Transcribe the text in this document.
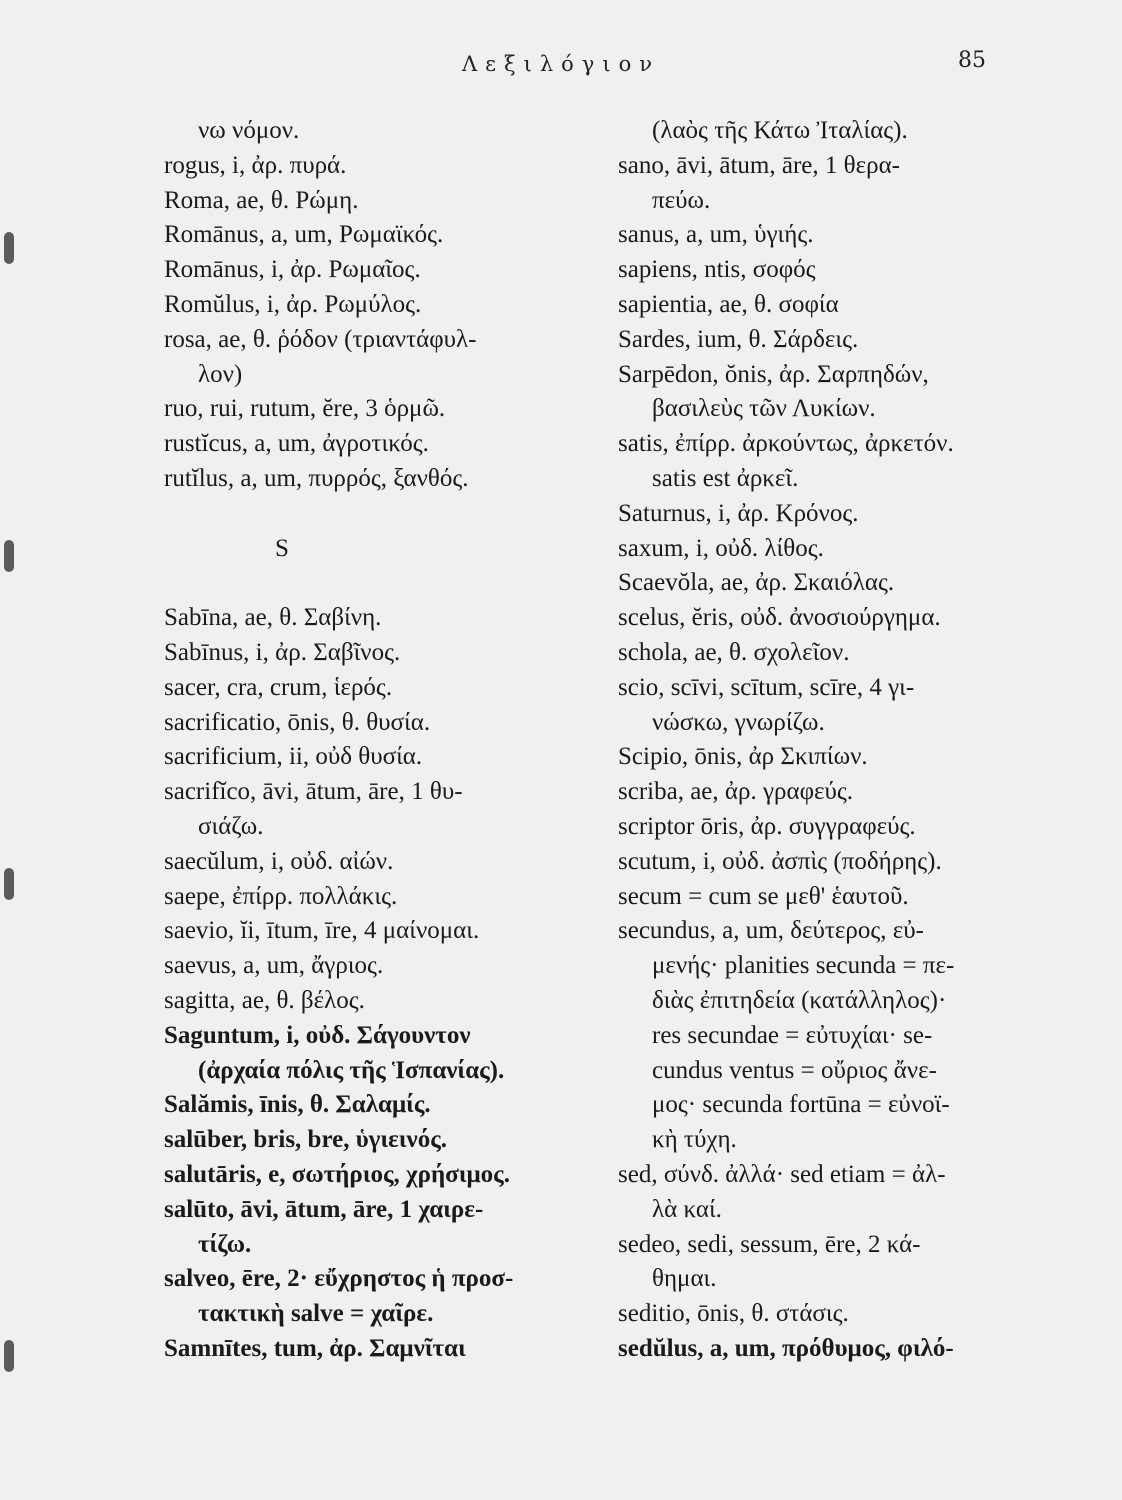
Λεξιλόγιον	85
νω νόμον.
rogus, i, ἀρ. πυρά.
Roma, ae, θ. Ρώμη.
Romānus, a, um, Ρωμαϊκός.
Romānus, i, ἀρ. Ρωμαῖος.
Romŭlus, i, ἀρ. Ρωμύλος.
rosa, ae, θ. ῥόδον (τριαντάφυλ-
λον)
ruo, rui, rutum, ĕre, 3 ὁρμῶ.
rustĭcus, a, um, ἀγροτικός.
rutĭlus, a, um, πυρρός, ξανθός.
S
Sabīna, ae, θ. Σαβίνη.
Sabīnus, i, ἀρ. Σαβῖνος.
sacer, cra, crum, ἱερός.
sacrificatio, ōnis, θ. θυσία.
sacrificium, ii, οὐδ θυσία.
sacrifĭco, āvi, ātum, āre, 1 θυ-
σιάζω.
saecŭlum, i, οὐδ. αἰών.
saepe, ἐπίρρ. πολλάκις.
saevio, ĭi, ītum, īre, 4 μαίνομαι.
saevus, a, um, ἄγριος.
sagitta, ae, θ. βέλος.
Saguntum, i, οὐδ. Σάγουντον
(ἀρχαία πόλις τῆς Ἱσπανίας).
Salămis, īnis, θ. Σαλαμίς.
salūber, bris, bre, ὑγιεινός.
salutāris, e, σωτήριος, χρήσιμος.
salūto, āvi, ātum, āre, 1 χαιρε-
τίζω.
salveo, ēre, 2· εὔχρηστος ἡ προσ-
τακτικὴ salve = χαῖρε.
Samnītes, tum, ἀρ. Σαμνῖται
(λαὸς τῆς Κάτω Ἰταλίας).
sano, āvi, ātum, āre, 1 θερα-
πεύω.
sanus, a, um, ὑγιής.
sapiens, ntis, σοφός
sapientia, ae, θ. σοφία
Sardes, ium, θ. Σάρδεις.
Sarpēdon, ŏnis, ἀρ. Σαρπηδών,
βασιλεὺς τῶν Λυκίων.
satis, ἐπίρρ. ἀρκούντως, ἀρκετόν.
satis est ἀρκεῖ.
Saturnus, i, ἀρ. Κρόνος.
saxum, i, οὐδ. λίθος.
Scaevŏla, ae, ἀρ. Σκαιόλας.
scelus, ĕris, οὐδ. ἀνοσιούργημα.
schola, ae, θ. σχολεῖον.
scio, scīvi, scītum, scīre, 4 γι-
νώσκω, γνωρίζω.
Scipio, ōnis, ἀρ Σκιπίων.
scriba, ae, ἀρ. γραφεύς.
scriptor ōris, ἀρ. συγγραφεύς.
scutum, i, οὐδ. ἀσπὶς (ποδήρης).
secum = cum se μεθ' ἑαυτοῦ.
secundus, a, um, δεύτερος, εὐ-
μενής· planities secunda = πε-
διὰς ἐπιτηδεία (κατάλληλος)·
res secundae = εὐτυχίαι· se-
cundus ventus = οὔριος ἄνε-
μος· secunda fortūna = εὐνοϊ-
κὴ τύχη.
sed, σύνδ. ἀλλά· sed etiam = ἀλ-
λὰ καί.
sedeo, sedi, sessum, ēre, 2 κά-
θημαι.
seditio, ōnis, θ. στάσις.
sedŭlus, a, um, πρόθυμος, φιλό-
